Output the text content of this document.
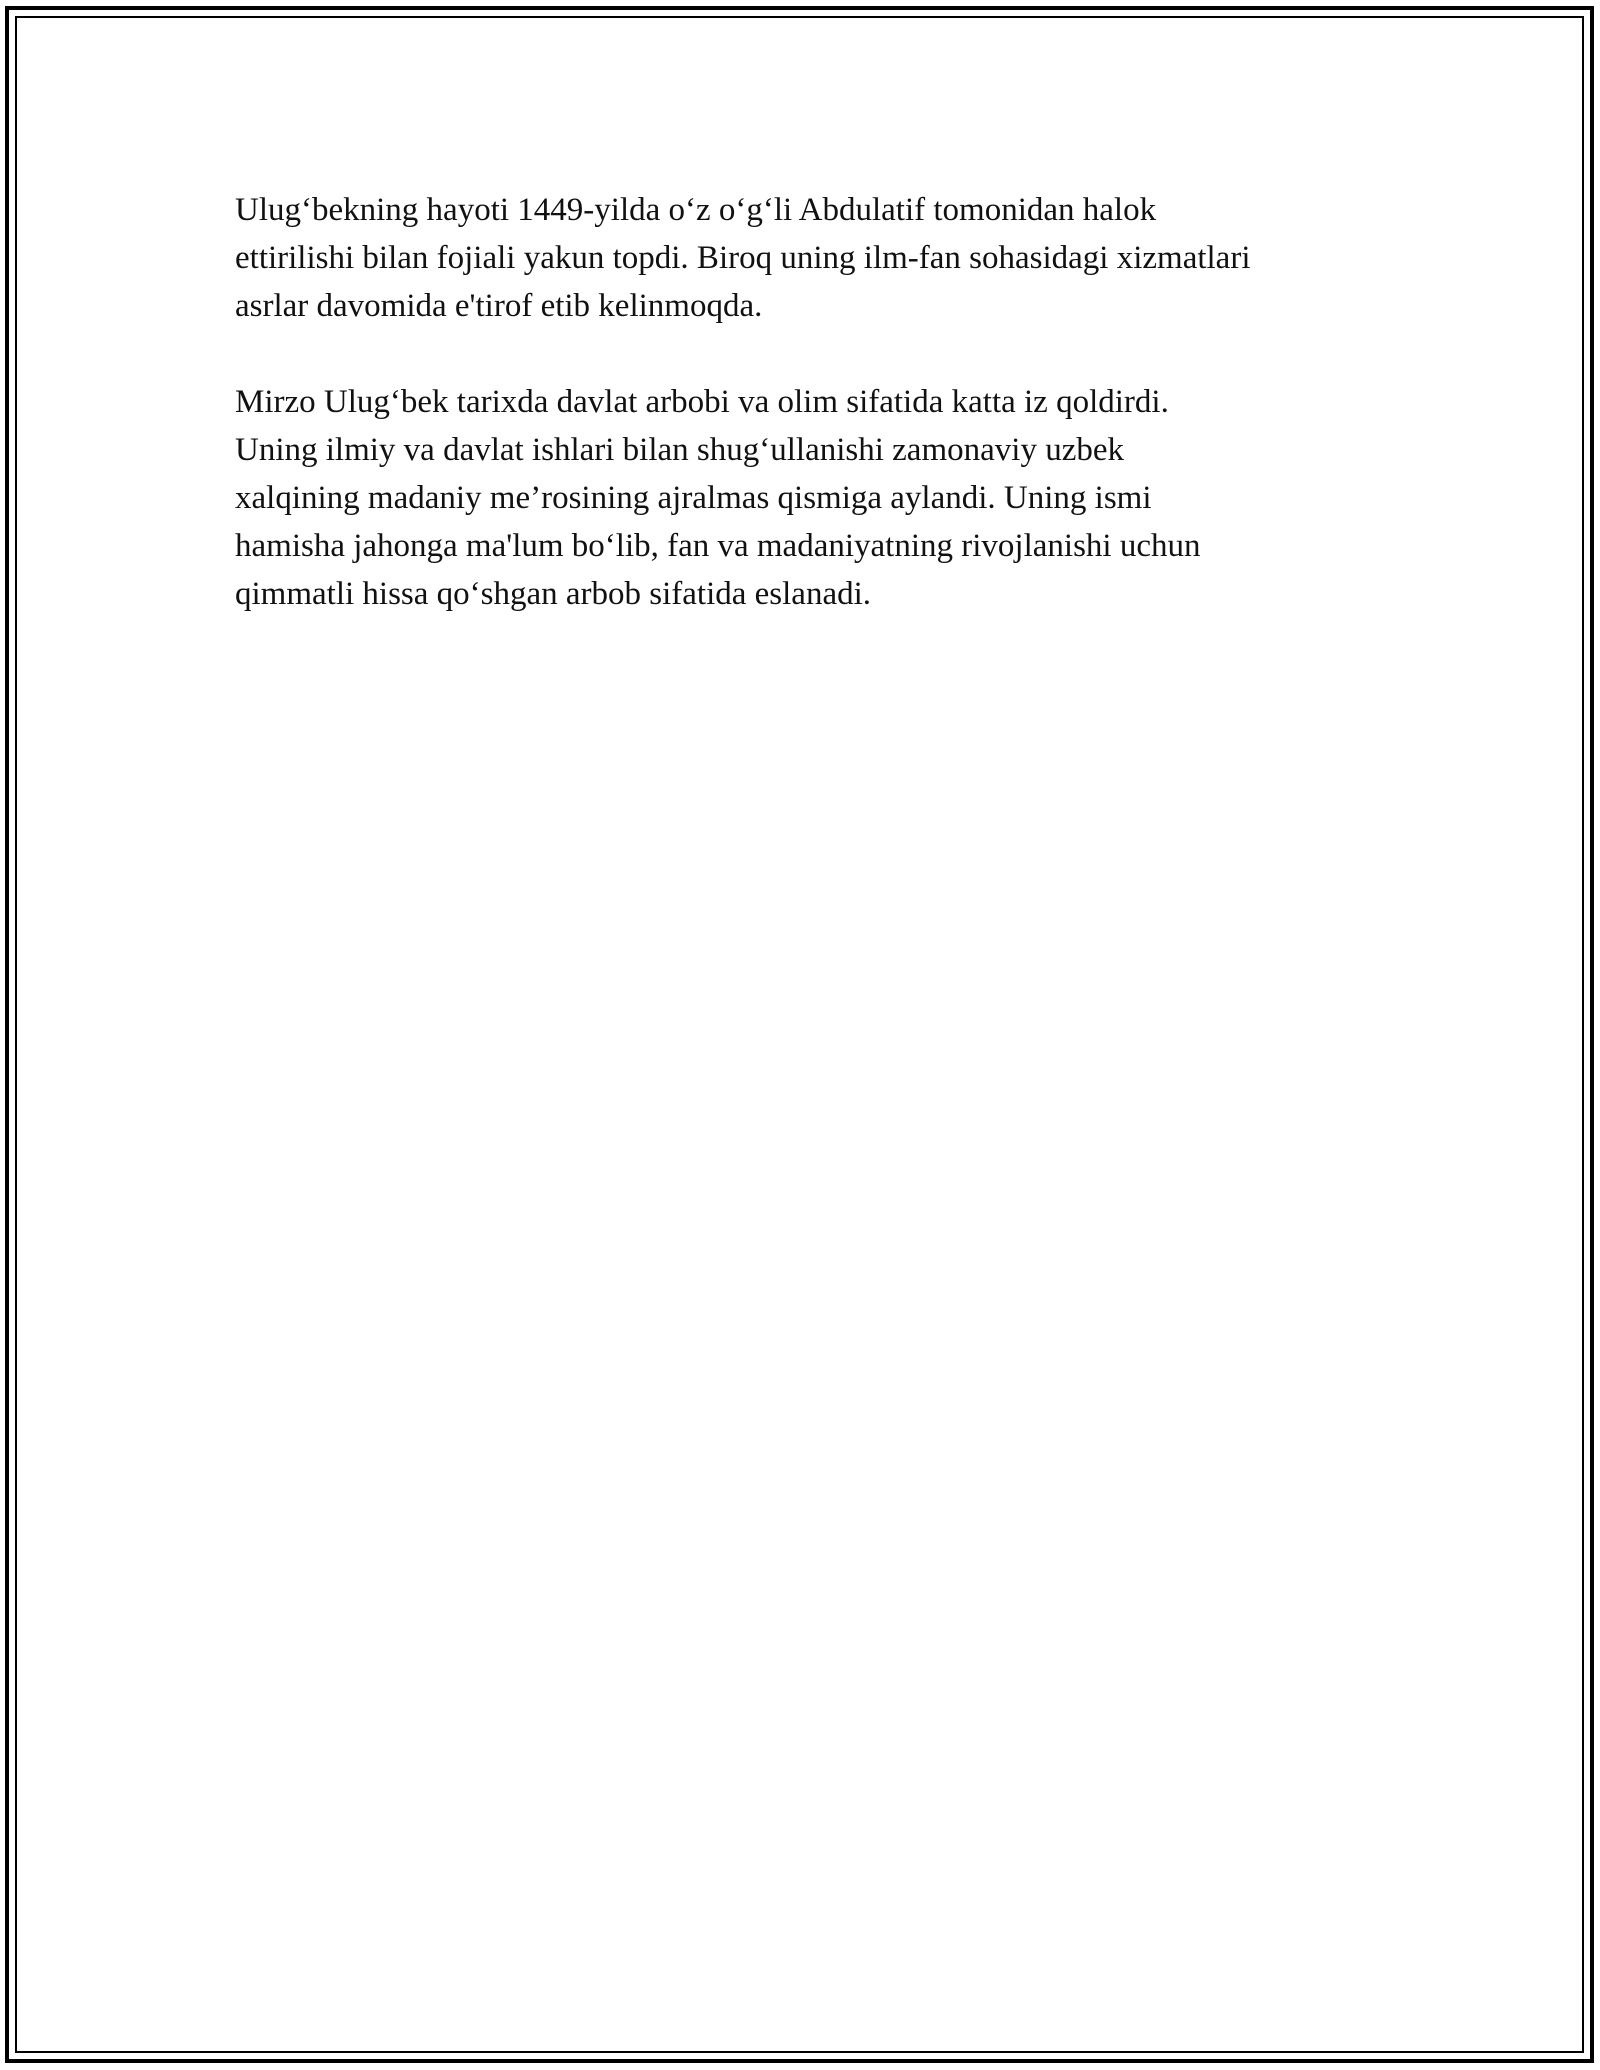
Ulug‘bekning hayoti 1449-yilda o‘z o‘g‘li Abdulatif tomonidan halok
ettirilishi bilan fojiali yakun topdi. Biroq uning ilm-fan sohasidagi xizmatlari
asrlar davomida e'tirof etib kelinmoqda.

Mirzo Ulug‘bek tarixda davlat arbobi va olim sifatida katta iz qoldirdi.
Uning ilmiy va davlat ishlari bilan shug‘ullanishi zamonaviy uzbek
xalqining madaniy me’rosining ajralmas qismiga aylandi. Uning ismi
hamisha jahonga ma'lum bo‘lib, fan va madaniyatning rivojlanishi uchun
qimmatli hissa qo‘shgan arbob sifatida eslanadi.
